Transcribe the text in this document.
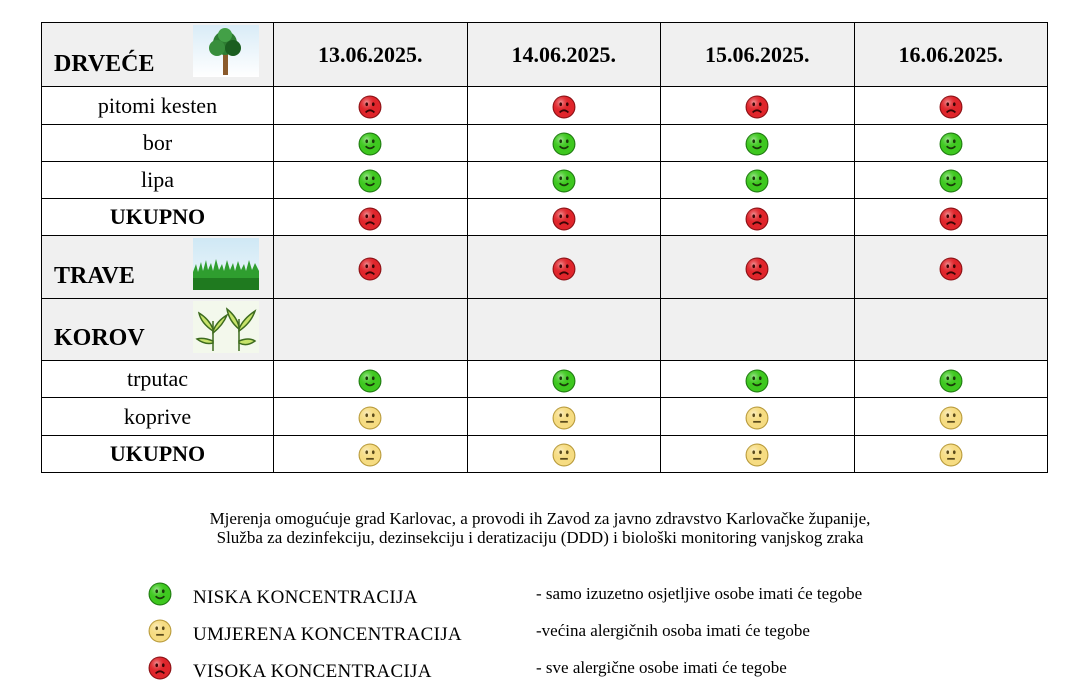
DRVEĆE	13.06.2025.	14.06.2025.	15.06.2025.	16.06.2025.
pitomi kesten				
bor				
lipa				
UKUPNO				

TRAVE

KOROV				

trputac				
koprive				
UKUPNO				
Mjerenja omogućuje grad Karlovac, a provodi ih Zavod za javno zdravstvo Karlovačke županije,
Služba za dezinfekciju, dezinsekciju i deratizaciju (DDD) i biološki monitoring vanjskog zraka
NISKA KONCENTRACIJA	- samo izuzetno osjetljive osobe imati će tegobe
UMJERENA KONCENTRACIJA	-većina alergičnih osoba imati će tegobe
VISOKA KONCENTRACIJA	- sve alergične osobe imati će tegobe
